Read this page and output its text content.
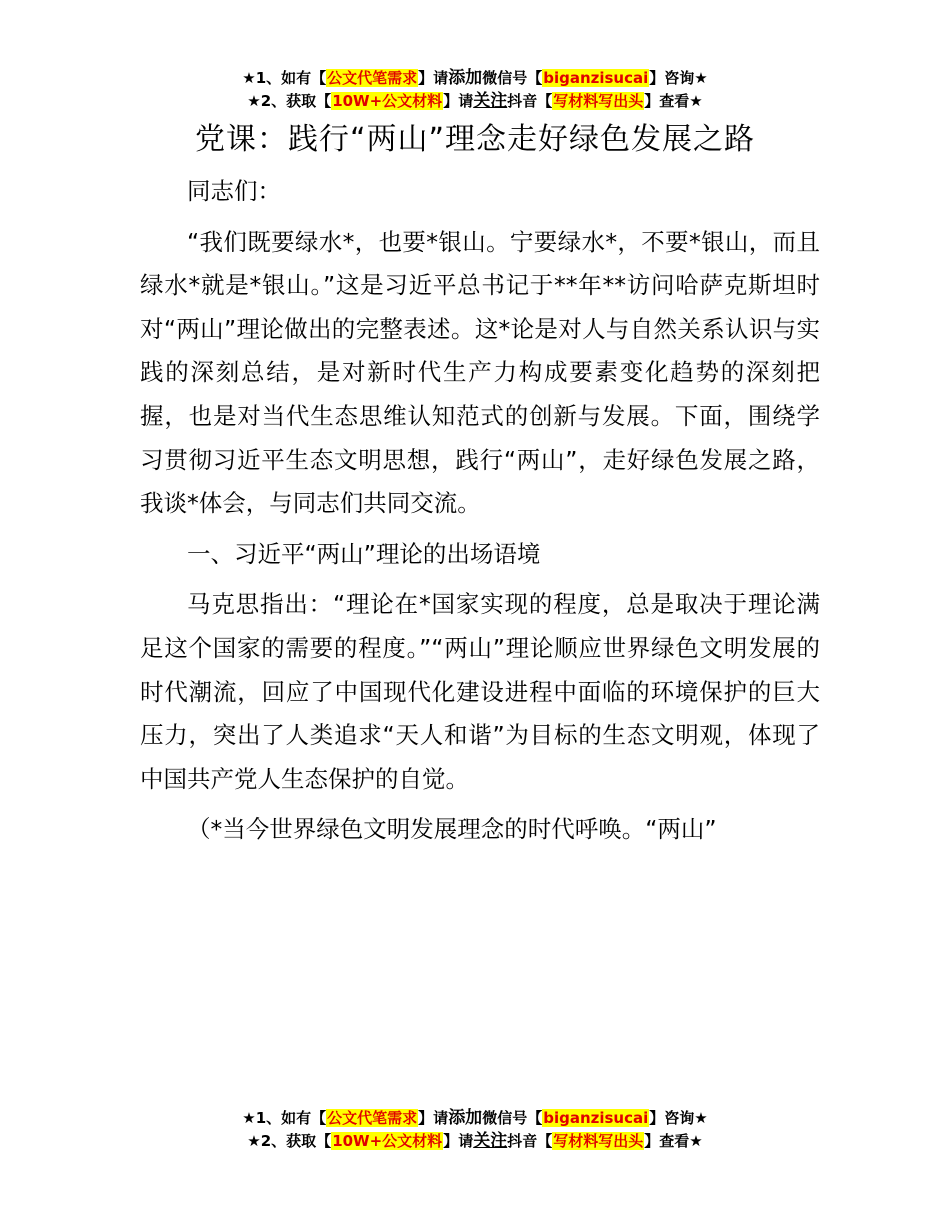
★1、如有【公文代笔需求】请添加微信号【biganzisucai】咨询★
★2、获取【10W+公文材料】请关注抖音【写材料写出头】查看★
党课：践行“两山”理念走好绿色发展之路

同志们：

“我们既要绿水*，也要*银山。宁要绿水*，不要*银山，而且绿水*就是*银山。”这是习近平总书记于**年**访问哈萨克斯坦时对“两山”理论做出的完整表述。这*论是对人与自然关系认识与实践的深刻总结，是对新时代生产力构成要素变化趋势的深刻把握，也是对当代生态思维认知范式的创新与发展。下面，围绕学习贯彻习近平生态文明思想，践行“两山”，走好绿色发展之路，我谈*体会，与同志们共同交流。

一、习近平“两山”理论的出场语境

马克思指出：“理论在*国家实现的程度，总是取决于理论满足这个国家的需要的程度。”“两山”理论顺应世界绿色文明发展的时代潮流，回应了中国现代化建设进程中面临的环境保护的巨大压力，突出了人类追求“天人和谐”为目标的生态文明观，体现了中国共产党人生态保护的自觉。

（*当今世界绿色文明发展理念的时代呼唤。“两山”

★1、如有【公文代笔需求】请添加微信号【biganzisucai】咨询★
★2、获取【10W+公文材料】请关注抖音【写材料写出头】查看★
